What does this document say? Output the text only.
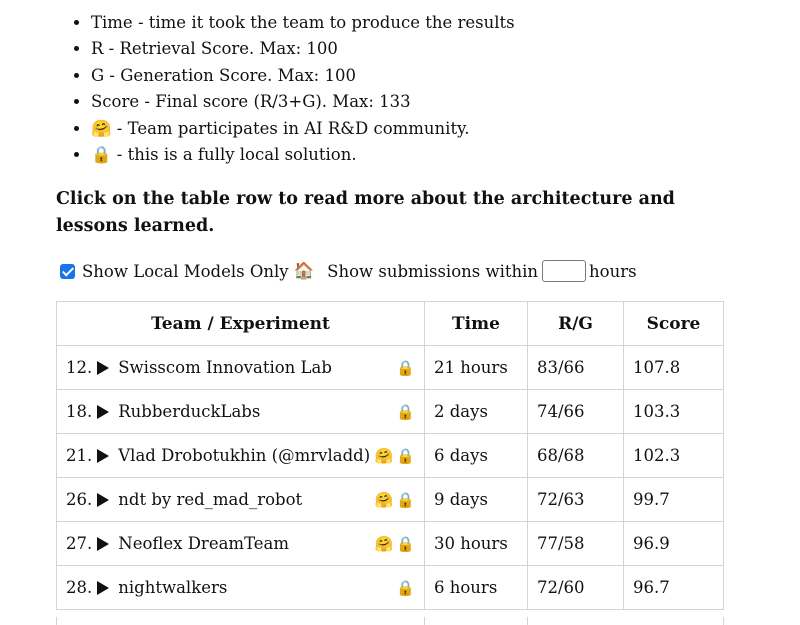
• Time - time it took the team to produce the results
• R - Retrieval Score. Max: 100
• G - Generation Score. Max: 100
• Score - Final score (R/3+G). Max: 133
• 🤗 - Team participates in AI R&D community.
• 🔒 - this is a fully local solution.

Click on the table row to read more about the architecture and lessons learned.

Show Local Models Only 🏠 Show submissions within	hours
Team / Experiment	Time	R/G	Score

12. Swisscom Innovation Lab 🔒	21 hours	83/66	107.8

18. RubberduckLabs 🔒	2 days	74/66	103.3

21. Vlad Drobotukhin (@mrvladd) 🤗 🔒	6 days	68/68	102.3

26. ndt by red_mad_robot 🤗 🔒	9 days	72/63	99.7

27. Neoflex DreamTeam 🤗 🔒	30 hours	77/58	96.9

28. nightwalkers 🔒	6 hours	72/60	96.7
